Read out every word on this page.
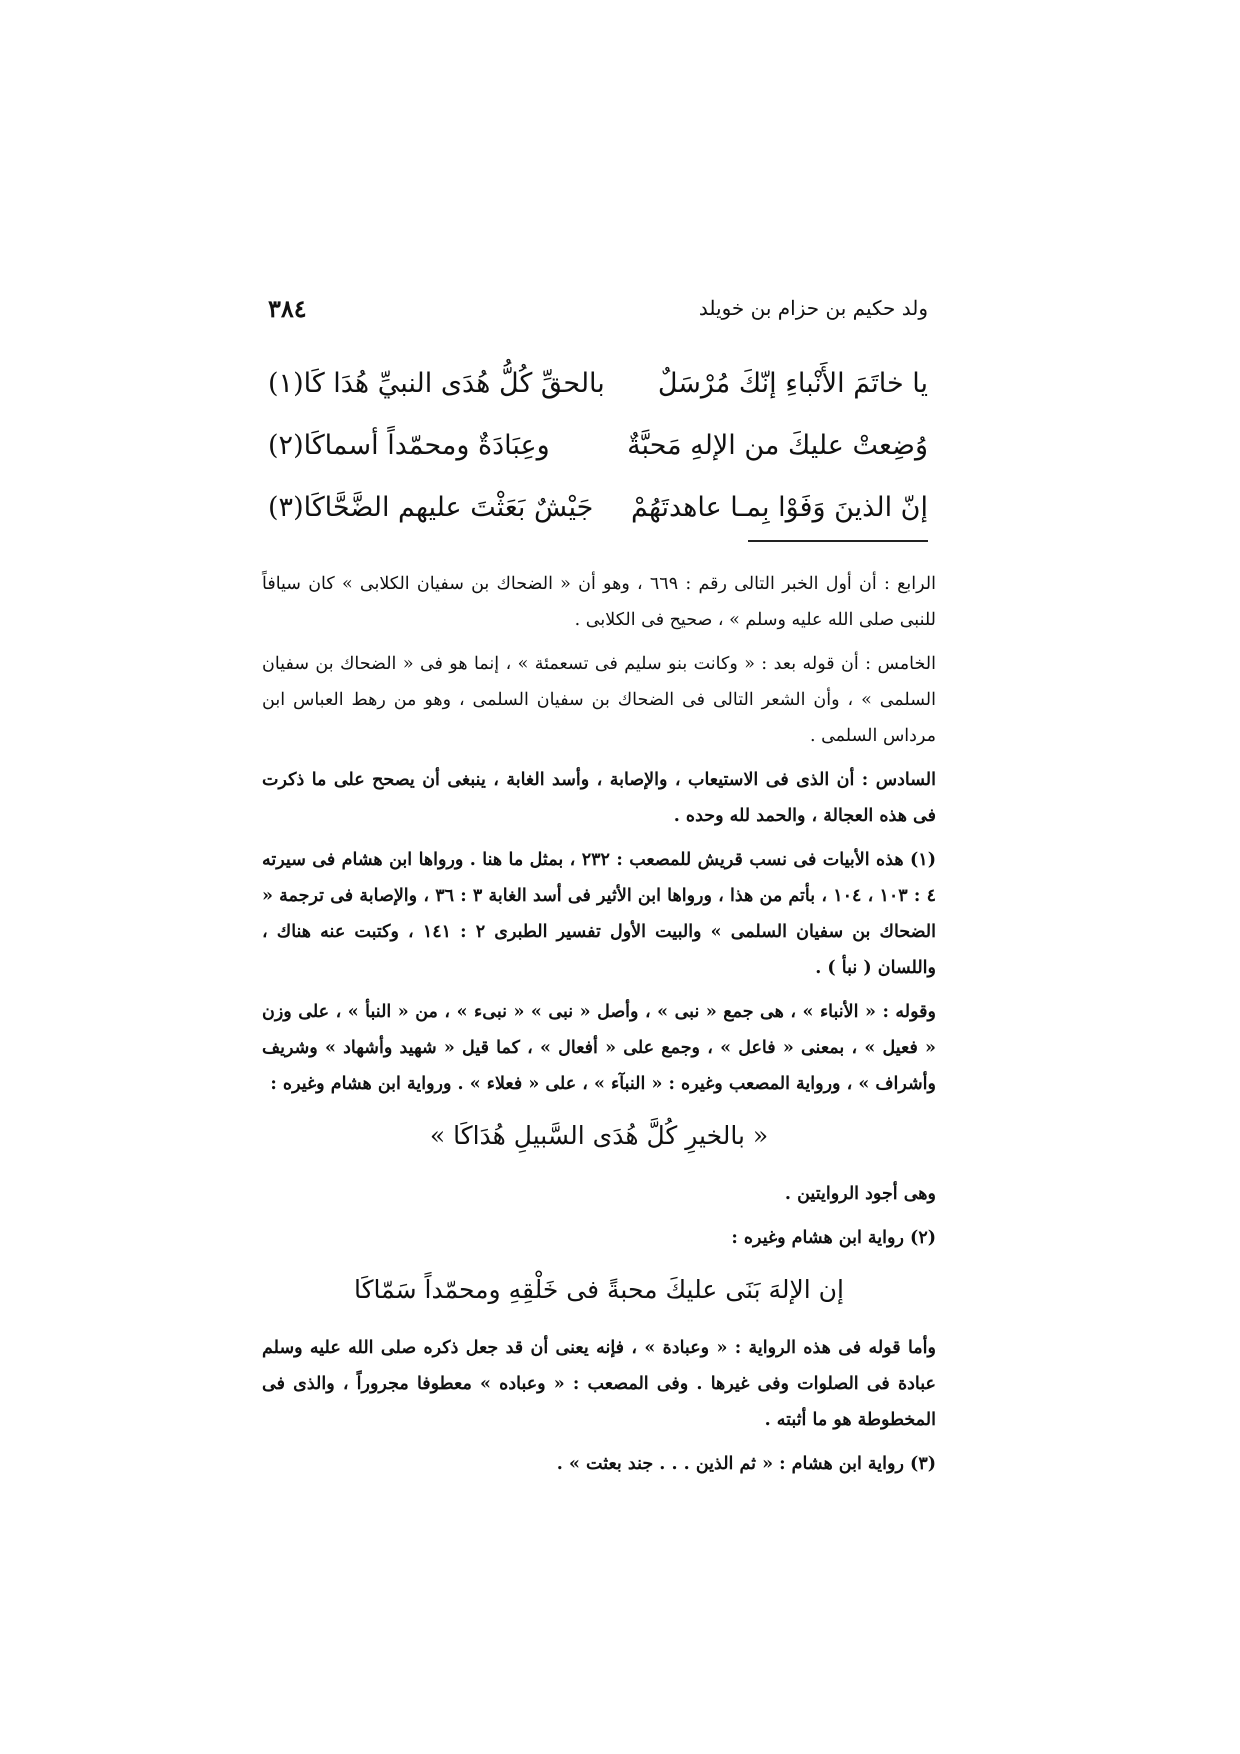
٣٨٤	ولد حكيم بن حزام بن خويلد
يا خاتَمَ الأَنْباءِ إنّكَ مُرْسَلٌ
بالحقِّ كُلُّ هُدَى النبيِّ هُدَا كَا(١)
وُضِعتْ عليكَ من الإلهِ مَحبَّةٌ
وعِبَادَةٌ ومحمّداً أسماكَا(٢)
إنّ الذينَ وَفَوْا بِمـا عاهدتَهُمْ
جَيْشٌ بَعَثْتَ عليهم الضَّحَّاكَا(٣)

الرابع : أن أول الخبر التالى رقم : ٦٦٩ ، وهو أن « الضحاك بن سفيان الكلابى » كان سيافاً للنبى صلى الله عليه وسلم » ، صحيح فى الكلابى .

الخامس : أن قوله بعد : « وكانت بنو سليم فى تسعمئة » ، إنما هو فى « الضحاك بن سفيان السلمى » ، وأن الشعر التالى فى الضحاك بن سفيان السلمى ، وهو من رهط العباس ابن مرداس السلمى .

السادس : أن الذى فى الاستيعاب ، والإصابة ، وأسد الغابة ، ينبغى أن يصحح على ما ذكرت فى هذه العجالة ، والحمد لله وحده .

(١) هذه الأبيات فى نسب قريش للمصعب : ٢٣٢ ، بمثل ما هنا . ورواها ابن هشام فى سيرته ٤ : ١٠٣ ، ١٠٤ ، بأتم من هذا ، ورواها ابن الأثير فى أسد الغابة ٣ : ٣٦ ، والإصابة فى ترجمة « الضحاك بن سفيان السلمى » والبيت الأول تفسير الطبرى ٢ : ١٤١ ، وكتبت عنه هناك ، واللسان ( نبأ ) .

وقوله : « الأنباء » ، هى جمع « نبى » ، وأصل « نبى » « نبىء » ، من « النبأ » ، على وزن « فعيل » ، بمعنى « فاعل » ، وجمع على « أفعال » ، كما قيل « شهيد وأشهاد » وشريف وأشراف » ، ورواية المصعب وغيره : « النبآء » ، على « فعلاء » . ورواية ابن هشام وغيره :

« بالخيرِ كُلَّ هُدَى السَّبيلِ هُدَاكَا »

وهى أجود الروايتين .

(٢) رواية ابن هشام وغيره :

إن الإلهَ بَنَى عليكَ محبةً فى خَلْقِهِ ومحمّداً سَمّاكَا

وأما قوله فى هذه الرواية : « وعبادة » ، فإنه يعنى أن قد جعل ذكره صلى الله عليه وسلم عبادة فى الصلوات وفى غيرها . وفى المصعب : « وعباده » معطوفا مجروراً ، والذى فى المخطوطة هو ما أثبته .

(٣) رواية ابن هشام : « ثم الذين . . . جند بعثت » .
